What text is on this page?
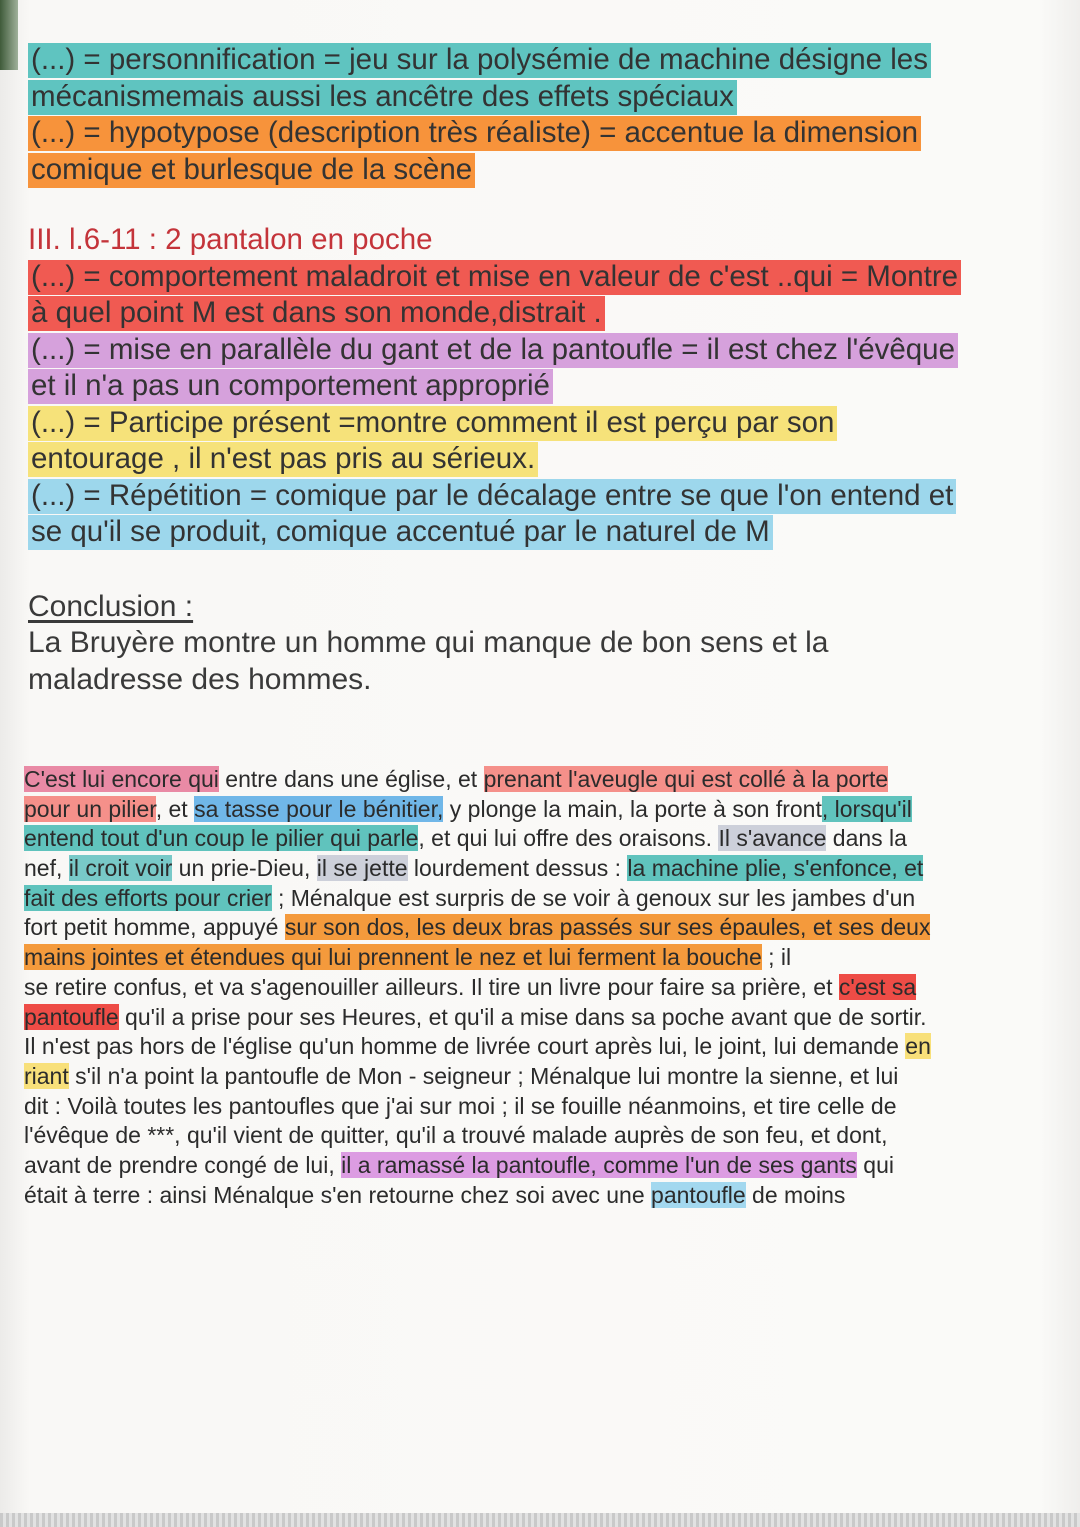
(...) = personnification = jeu sur la polysémie de machine désigne les
mécanismemais aussi les ancêtre des effets spéciaux
(...) = hypotypose (description très réaliste) = accentue la dimension
comique et burlesque de la scène
III. l.6-11 : 2 pantalon en poche
(...) = comportement maladroit et mise en valeur de c'est ..qui = Montre
à quel point M est dans son monde,distrait .
(...) = mise en parallèle du gant et de la pantoufle = il est chez l'évêque
et il n'a pas un comportement approprié
(...) = Participe présent =montre comment il est perçu par son
entourage , il n'est pas pris au sérieux.
(...) = Répétition = comique par le décalage entre se que l'on entend et
se qu'il se produit, comique accentué par le naturel de M
Conclusion :
La Bruyère montre un homme qui manque de bon sens et la
maladresse des hommes.
C'est lui encore qui entre dans une église, et prenant l'aveugle qui est collé à la porte
pour un pilier, et sa tasse pour le bénitier, y plonge la main, la porte à son front, lorsqu'il
entend tout d'un coup le pilier qui parle, et qui lui offre des oraisons. Il s'avance dans la
nef, il croit voir un prie-Dieu, il se jette lourdement dessus : la machine plie, s'enfonce, et
fait des efforts pour crier ; Ménalque est surpris de se voir à genoux sur les jambes d'un
fort petit homme, appuyé sur son dos, les deux bras passés sur ses épaules, et ses deux
mains jointes et étendues qui lui prennent le nez et lui ferment la bouche ; il
se retire confus, et va s'agenouiller ailleurs. Il tire un livre pour faire sa prière, et c'est sa
pantoufle qu'il a prise pour ses Heures, et qu'il a mise dans sa poche avant que de sortir.
Il n'est pas hors de l'église qu'un homme de livrée court après lui, le joint, lui demande en
riant s'il n'a point la pantoufle de Mon - seigneur ; Ménalque lui montre la sienne, et lui
dit : Voilà toutes les pantoufles que j'ai sur moi ; il se fouille néanmoins, et tire celle de
l'évêque de ***, qu'il vient de quitter, qu'il a trouvé malade auprès de son feu, et dont,
avant de prendre congé de lui, il a ramassé la pantoufle, comme l'un de ses gants qui
était à terre : ainsi Ménalque s'en retourne chez soi avec une pantoufle de moins
